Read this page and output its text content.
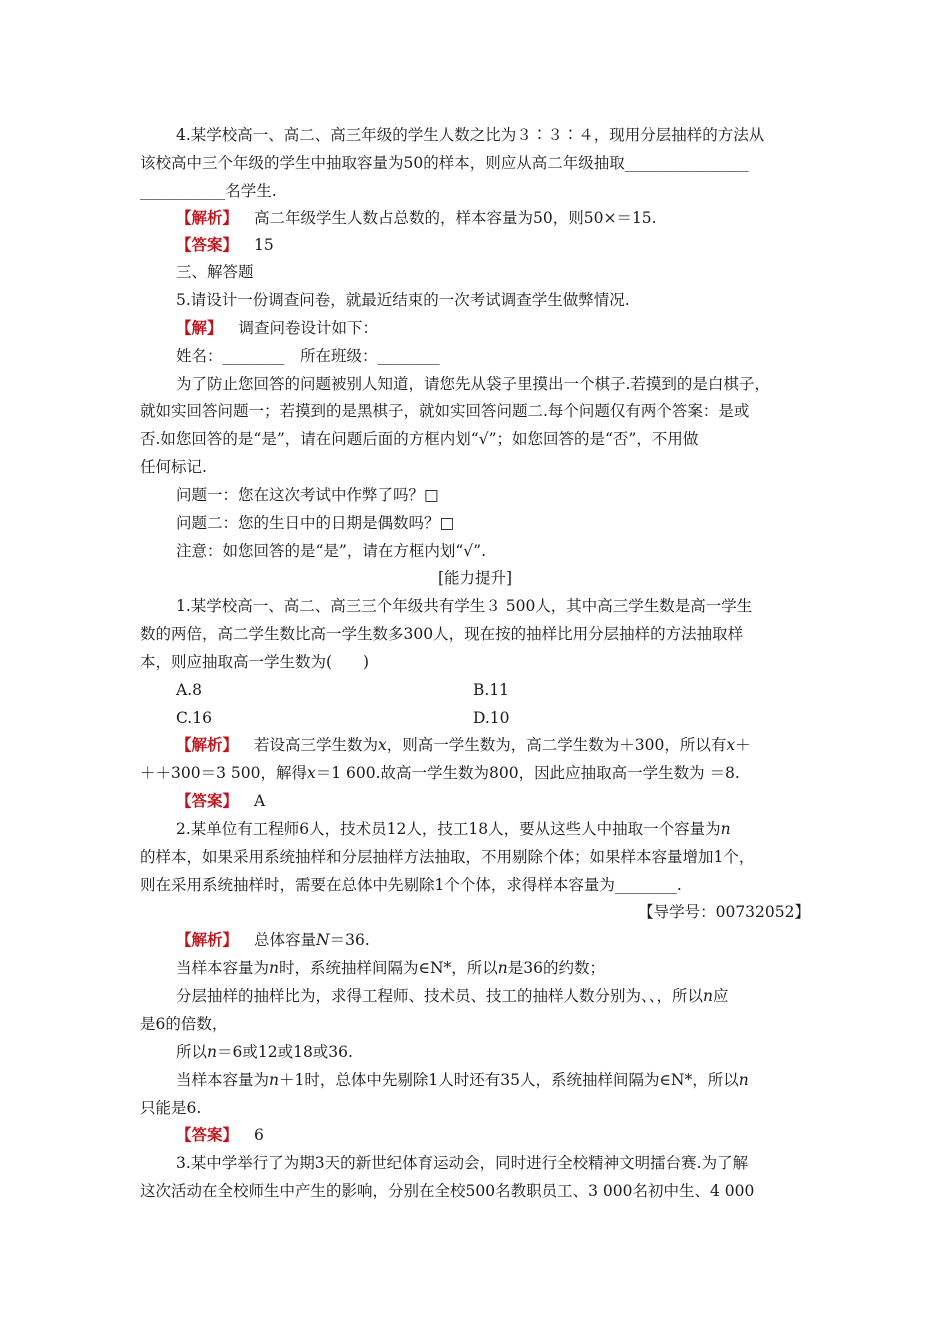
4.某学校高一、高二、高三年级的学生人数之比为３∶３∶４，现用分层抽样的方法从
该校高中三个年级的学生中抽取容量为50的样本，则应从高二年级抽取________________
___________名学生.
【解析】 高二年级学生人数占总数的，样本容量为50，则50×＝15.
【答案】 15
三、解答题
5.请设计一份调查问卷，就最近结束的一次考试调查学生做弊情况.
【解】 调查问卷设计如下：
姓名：________　所在班级：________
为了防止您回答的问题被别人知道，请您先从袋子里摸出一个棋子.若摸到的是白棋子，
就如实回答问题一；若摸到的是黑棋子，就如实回答问题二.每个问题仅有两个答案：是或
否.如您回答的是“是”，请在问题后面的方框内划“√”；如您回答的是“否”，不用做
任何标记.
问题一：您在这次考试中作弊了吗？□
问题二：您的生日中的日期是偶数吗？□
注意：如您回答的是“是”，请在方框内划“√”.
[能力提升]
1.某学校高一、高二、高三三个年级共有学生３ 500人，其中高三学生数是高一学生
数的两倍，高二学生数比高一学生数多300人，现在按的抽样比用分层抽样的方法抽取样
本，则应抽取高一学生数为(　　)
A.8	B.11
C.16	D.10
【解析】 若设高三学生数为x，则高一学生数为，高二学生数为＋300，所以有x＋
＋＋300＝3 500，解得x＝1 600.故高一学生数为800，因此应抽取高一学生数为 ＝8.
【答案】 A
2.某单位有工程师6人，技术员12人，技工18人，要从这些人中抽取一个容量为n
的样本，如果采用系统抽样和分层抽样方法抽取，不用剔除个体；如果样本容量增加1个，
则在采用系统抽样时，需要在总体中先剔除1个个体，求得样本容量为________.
【导学号：00732052】
【解析】 总体容量N＝36.
当样本容量为n时，系统抽样间隔为∈N*，所以n是36的约数；
分层抽样的抽样比为，求得工程师、技术员、技工的抽样人数分别为、、，所以n应
是6的倍数，
所以n＝6或12或18或36.
当样本容量为n＋1时，总体中先剔除1人时还有35人，系统抽样间隔为∈N*，所以n
只能是6.
【答案】 6
3.某中学举行了为期3天的新世纪体育运动会，同时进行全校精神文明擂台赛.为了解
这次活动在全校师生中产生的影响，分别在全校500名教职员工、3 000名初中生、4 000
